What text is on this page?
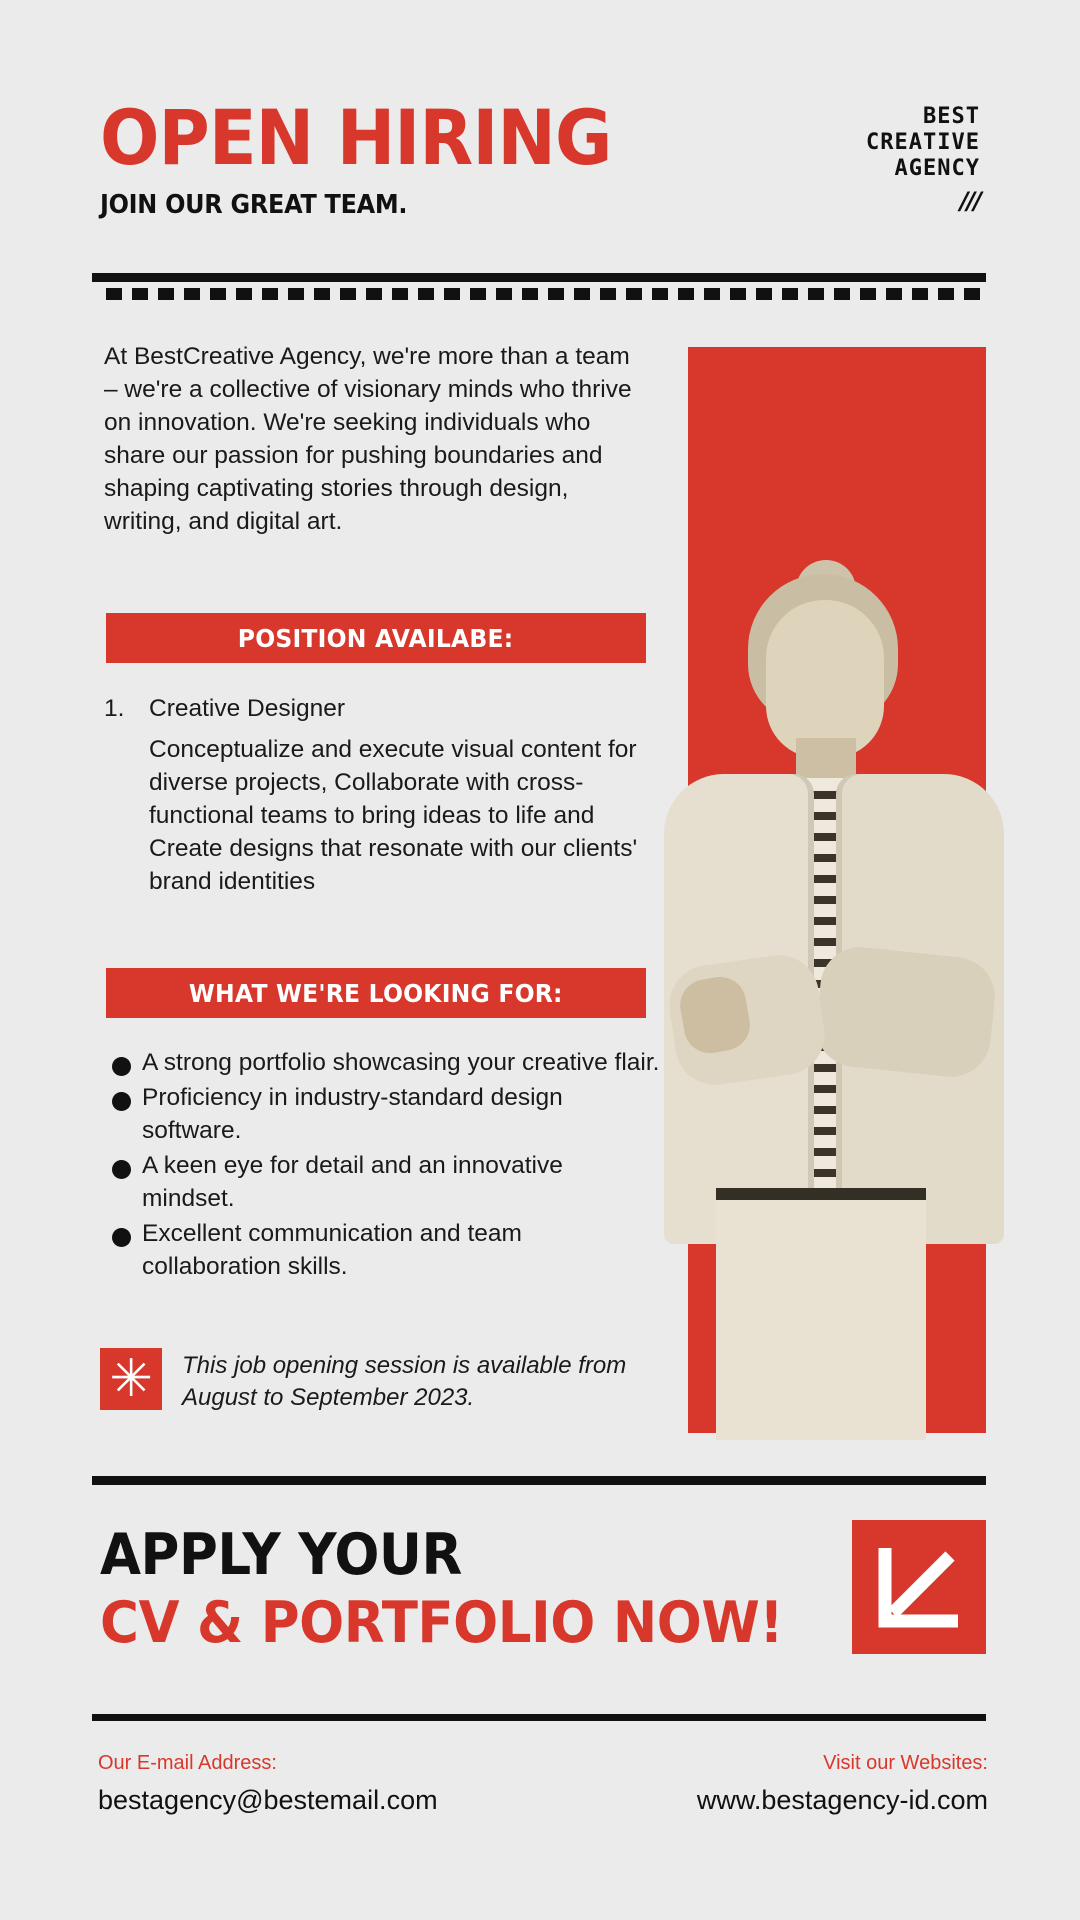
OPEN HIRING
JOIN OUR GREAT TEAM.
BEST
CREATIVE
AGENCY
///
At BestCreative Agency, we're more than a team – we're a collective of visionary minds who thrive on innovation. We're seeking individuals who share our passion for pushing boundaries and shaping captivating stories through design, writing, and digital art.
POSITION AVAILABE:
1.	Creative Designer
Conceptualize and execute visual content for diverse projects, Collaborate with cross-functional teams to bring ideas to life and Create designs that resonate with our clients' brand identities
WHAT WE'RE LOOKING FOR:
A strong portfolio showcasing your creative flair.
Proficiency in industry-standard design software.
A keen eye for detail and an innovative mindset.
Excellent communication and team collaboration skills.
✳	This job opening session is available from August to September 2023.
APPLY YOUR
CV & PORTFOLIO NOW!
Our E-mail Address:
bestagency@bestemail.com
Visit our Websites:
www.bestagency-id.com
